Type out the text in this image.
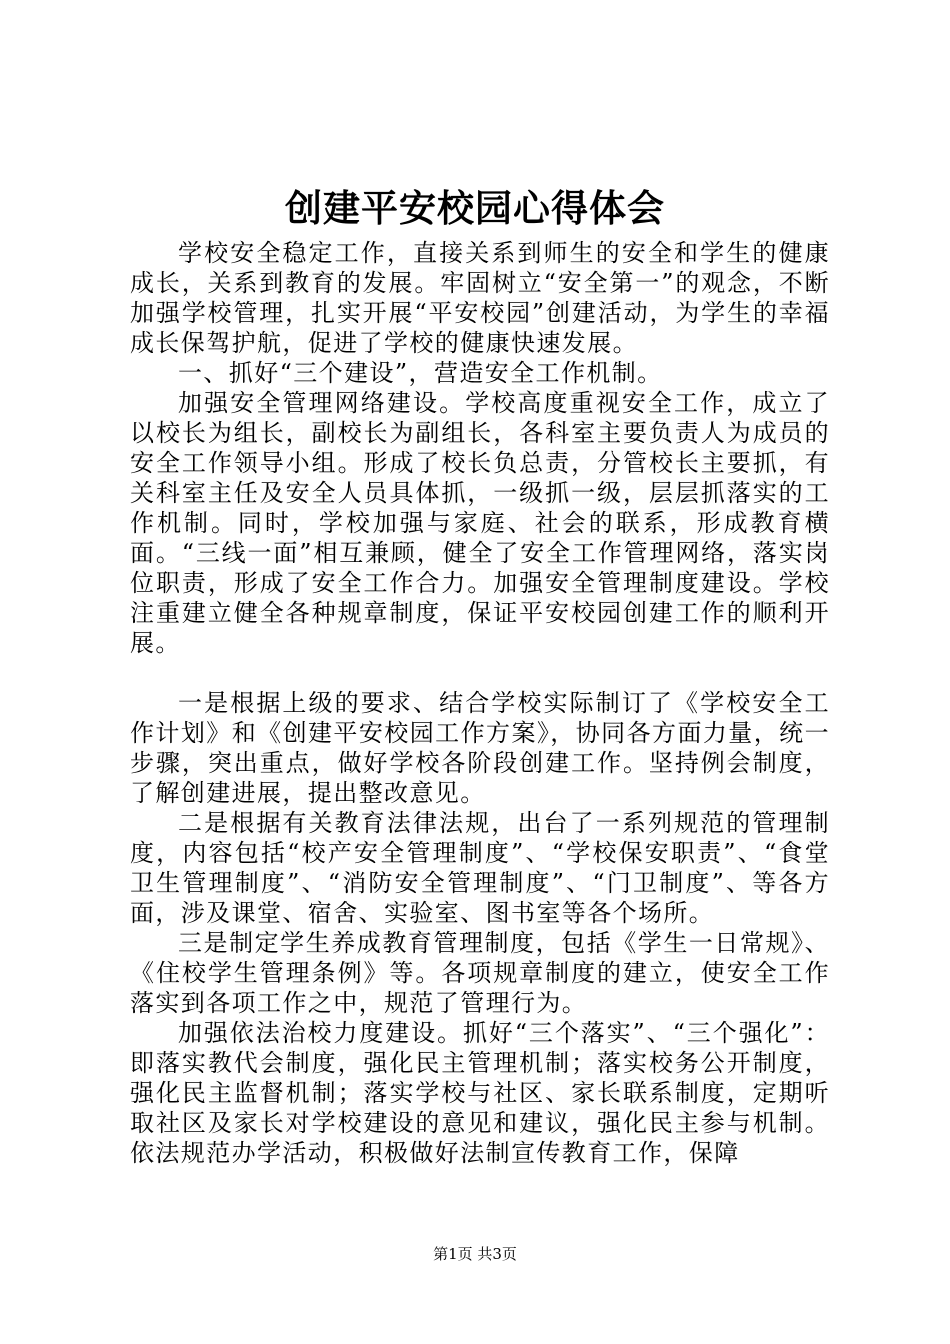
创建平安校园心得体会

学校安全稳定工作，直接关系到师生的安全和学生的健康成长，关系到教育的发展。牢固树立“安全第一”的观念，不断加强学校管理，扎实开展“平安校园”创建活动，为学生的幸福成长保驾护航，促进了学校的健康快速发展。

一、抓好“三个建设”，营造安全工作机制。

加强安全管理网络建设。学校高度重视安全工作，成立了以校长为组长，副校长为副组长，各科室主要负责人为成员的安全工作领导小组。形成了校长负总责，分管校长主要抓，有关科室主任及安全人员具体抓，一级抓一级，层层抓落实的工作机制。同时，学校加强与家庭、社会的联系，形成教育横面。“三线一面”相互兼顾，健全了安全工作管理网络，落实岗位职责，形成了安全工作合力。加强安全管理制度建设。学校注重建立健全各种规章制度，保证平安校园创建工作的顺利开展。

一是根据上级的要求、结合学校实际制订了《学校安全工作计划》和《创建平安校园工作方案》，协同各方面力量，统一步骤，突出重点，做好学校各阶段创建工作。坚持例会制度，了解创建进展，提出整改意见。

二是根据有关教育法律法规，出台了一系列规范的管理制度，内容包括“校产安全管理制度”、“学校保安职责”、“食堂卫生管理制度”、“消防安全管理制度”、“门卫制度”、等各方面，涉及课堂、宿舍、实验室、图书室等各个场所。

三是制定学生养成教育管理制度，包括《学生一日常规》、《住校学生管理条例》等。各项规章制度的建立，使安全工作落实到各项工作之中，规范了管理行为。

加强依法治校力度建设。抓好“三个落实”、“三个强化”：即落实教代会制度，强化民主管理机制；落实校务公开制度，强化民主监督机制；落实学校与社区、家长联系制度，定期听取社区及家长对学校建设的意见和建议，强化民主参与机制。依法规范办学活动，积极做好法制宣传教育工作，保障

第1页 共3页
